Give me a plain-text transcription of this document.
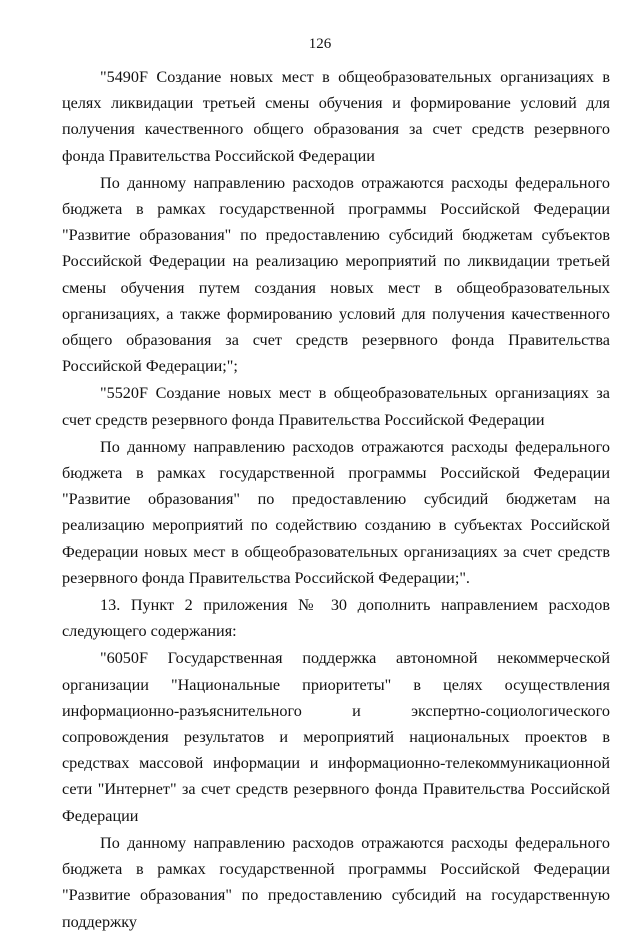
126

"5490F Создание новых мест в общеобразовательных организациях в целях ликвидации третьей смены обучения и формирование условий для получения качественного общего образования за счет средств резервного фонда Правительства Российской Федерации

По данному направлению расходов отражаются расходы федерального бюджета в рамках государственной программы Российской Федерации "Развитие образования" по предоставлению субсидий бюджетам субъектов Российской Федерации на реализацию мероприятий по ликвидации третьей смены обучения путем создания новых мест в общеобразовательных организациях, а также формированию условий для получения качественного общего образования за счет средств резервного фонда Правительства Российской Федерации;";

"5520F Создание новых мест в общеобразовательных организациях за счет средств резервного фонда Правительства Российской Федерации

По данному направлению расходов отражаются расходы федерального бюджета в рамках государственной программы Российской Федерации "Развитие образования" по предоставлению субсидий бюджетам на реализацию мероприятий по содействию созданию в субъектах Российской Федерации новых мест в общеобразовательных организациях за счет средств резервного фонда Правительства Российской Федерации;".

13. Пункт 2 приложения № 30 дополнить направлением расходов следующего содержания:

"6050F Государственная поддержка автономной некоммерческой организации "Национальные приоритеты" в целях осуществления информационно-разъяснительного и экспертно-социологического сопровождения результатов и мероприятий национальных проектов в средствах массовой информации и информационно-телекоммуникационной сети "Интернет" за счет средств резервного фонда Правительства Российской Федерации

По данному направлению расходов отражаются расходы федерального бюджета в рамках государственной программы Российской Федерации "Развитие образования" по предоставлению субсидий на государственную поддержку
